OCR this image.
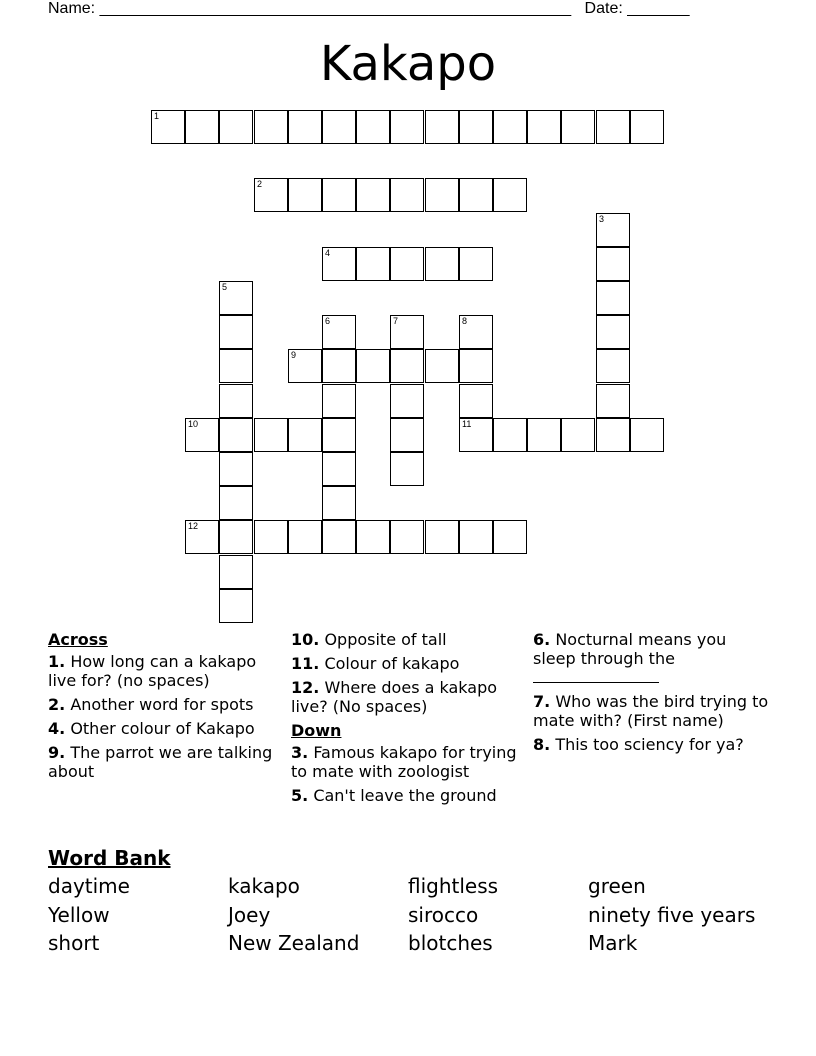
Name: _____________________________________________________ Date: _______
Kakapo
1
2
3
4
5
6	7	8
9
10	11
12
Across
1. How long can a kakapo live for? (no spaces)
2. Another word for spots
4. Other colour of Kakapo
9. The parrot we are talking about
10. Opposite of tall
11. Colour of kakapo
12. Where does a kakapo live? (No spaces)
Down
3. Famous kakapo for trying to mate with zoologist
5. Can't leave the ground
6. Nocturnal means you sleep through the

7. Who was the bird trying to mate with? (First name)
8. This too sciency for ya?
Word Bank
daytime	kakapo	flightless	green
Yellow	Joey	sirocco	ninety five years
short	New Zealand	blotches	Mark
